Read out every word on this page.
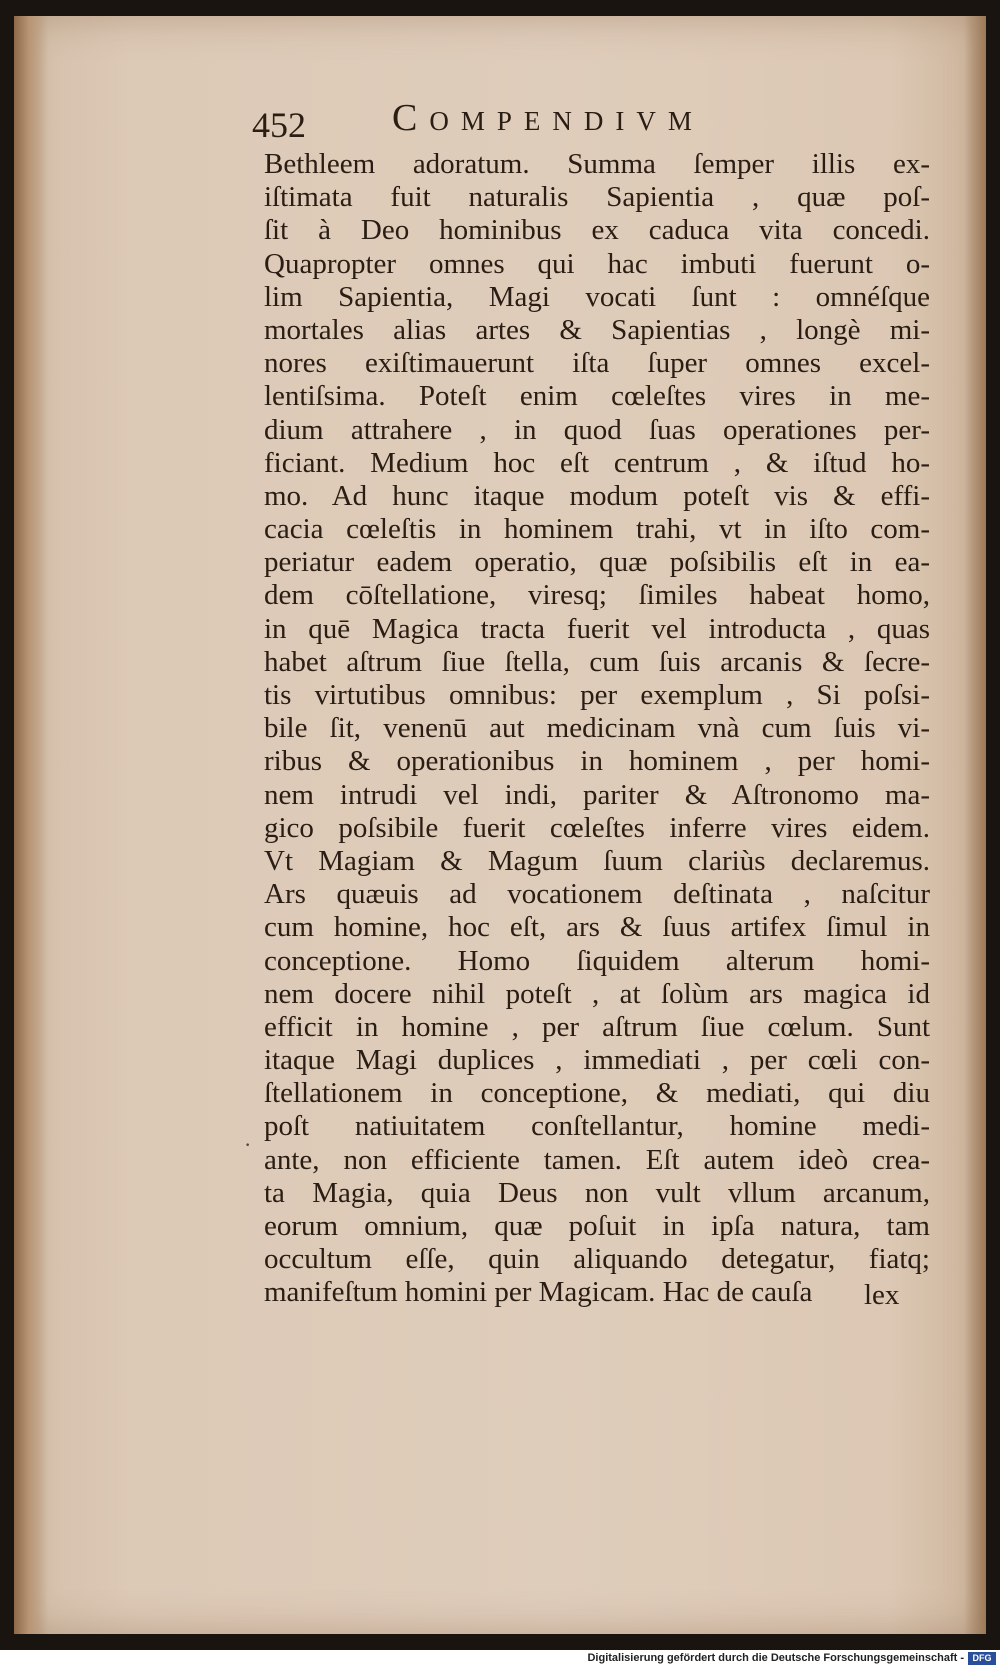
452 Compendivm
·
Bethleem adoratum. Summa ſemper illis ex-
iſtimata fuit naturalis Sapientia , quæ poſ-
ſit à Deo hominibus ex caduca vita concedi.
Quapropter omnes qui hac imbuti fuerunt o-
lim Sapientia, Magi vocati ſunt : omnéſque
mortales alias artes & Sapientias , longè mi-
nores exiſtimauerunt iſta ſuper omnes excel-
lentiſsima. Poteſt enim cœleſtes vires in me-
dium attrahere , in quod ſuas operationes per-
ficiant. Medium hoc eſt centrum , & iſtud ho-
mo. Ad hunc itaque modum poteſt vis & effi-
cacia cœleſtis in hominem trahi, vt in iſto com-
periatur eadem operatio, quæ poſsibilis eſt in ea-
dem cōſtellatione, viresq; ſimiles habeat homo,
in quē Magica tracta fuerit vel introducta , quas
habet aſtrum ſiue ſtella, cum ſuis arcanis & ſecre-
tis virtutibus omnibus: per exemplum , Si poſsi-
bile ſit, venenū aut medicinam vnà cum ſuis vi-
ribus & operationibus in hominem , per homi-
nem intrudi vel indi, pariter & Aſtronomo ma-
gico poſsibile fuerit cœleſtes inferre vires eidem.
Vt Magiam & Magum ſuum clariùs declaremus.
Ars quæuis ad vocationem deſtinata , naſcitur
cum homine, hoc eſt, ars & ſuus artifex ſimul in
conceptione. Homo ſiquidem alterum homi-
nem docere nihil poteſt , at ſolùm ars magica id
efficit in homine , per aſtrum ſiue cœlum. Sunt
itaque Magi duplices , immediati , per cœli con-
ſtellationem in conceptione, & mediati, qui diu
poſt natiuitatem conſtellantur, homine medi-
ante, non efficiente tamen. Eſt autem ideò crea-
ta Magia, quia Deus non vult vllum arcanum,
eorum omnium, quæ poſuit in ipſa natura, tam
occultum eſſe, quin aliquando detegatur, fiatq;
manifeſtum homini per Magicam. Hac de cauſa	lex
Digitalisierung gefördert durch die Deutsche Forschungsgemeinschaft - DFG
